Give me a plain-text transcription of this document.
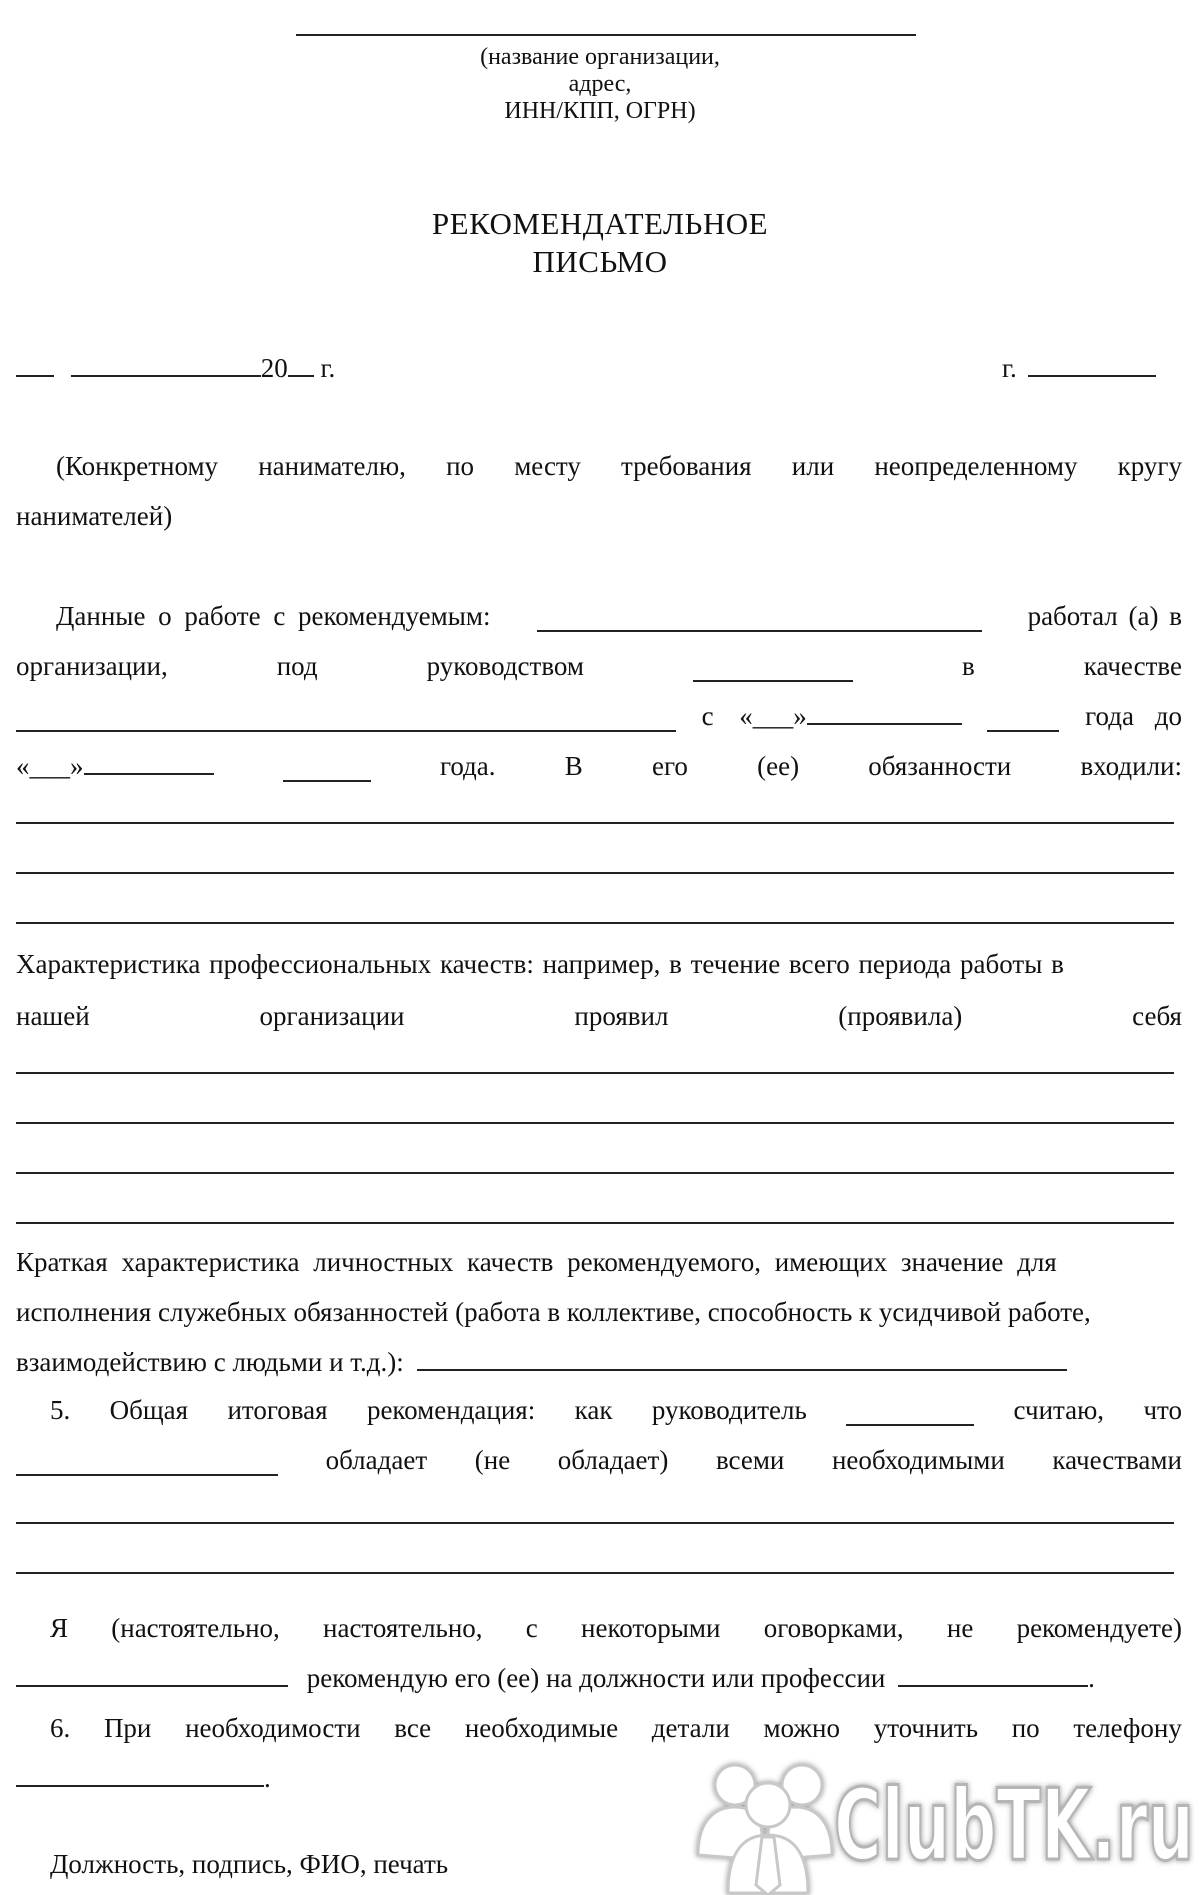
(название организации,
адрес,
ИНН/КПП, ОГРН)
РЕКОМЕНДАТЕЛЬНОЕ
ПИСЬМО
20 г.	г.
(Конкретному нанимателю, по месту требования или неопределенному кругу
нанимателей)
Данные о работе с рекомендуемым:	работал (а) в
организации,	под	руководством	в	качестве
с «___»	года до
«___»	года.	В	его	(ее)	обязанности	входили:
Характеристика профессиональных качеств: например, в течение всего периода работы в
нашей	организации	проявил	(проявила)	себя
Краткая характеристика личностных качеств рекомендуемого, имеющих значение для
исполнения служебных обязанностей (работа в коллективе, способность к усидчивой работе,
взаимодействию с людьми и т.д.):
5. Общая итоговая рекомендация: как руководитель	считаю, что
обладает (не обладает) всеми необходимыми качествами
Я (настоятельно, настоятельно, с некоторыми оговорками, не рекомендуете)
рекомендую его (ее) на должности или профессии	.
6. При необходимости все необходимые детали можно уточнить по телефону
.
Должность, подпись, ФИО, печать	ClubTK.ru
